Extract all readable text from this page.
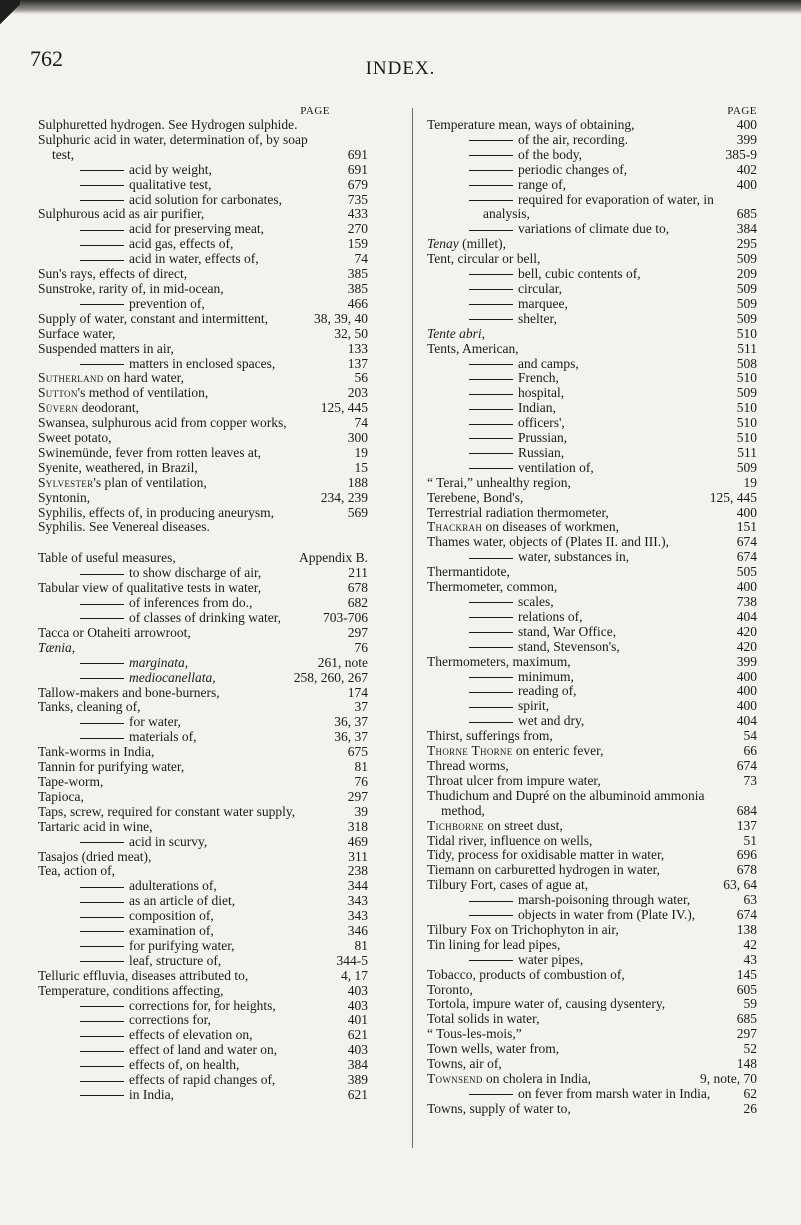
762	INDEX.
PAGE
Sulphuretted hydrogen. See Hydrogen sulphide.
Sulphuric acid in water, determination of, by soap test,	691
acid by weight,	691
qualitative test,	679
acid solution for carbonates,	735
Sulphurous acid as air purifier,	433
acid for preserving meat,	270
acid gas, effects of,	159
acid in water, effects of,	74
Sun's rays, effects of direct,	385
Sunstroke, rarity of, in mid-ocean,	385
prevention of,	466
Supply of water, constant and intermittent,	38, 39, 40
Surface water,	32, 50
Suspended matters in air,	133
matters in enclosed spaces,	137
Sutherland on hard water,	56
Sutton's method of ventilation,	203
Süvern deodorant,	125, 445
Swansea, sulphurous acid from copper works,	74
Sweet potato,	300
Swinemünde, fever from rotten leaves at,	19
Syenite, weathered, in Brazil,	15
Sylvester's plan of ventilation,	188
Syntonin,	234, 239
Syphilis, effects of, in producing aneurysm,	569
Syphilis. See Venereal diseases.
Table of useful measures,	Appendix B.
to show discharge of air,	211
Tabular view of qualitative tests in water,	678
of inferences from do.,	682
of classes of drinking water,	703-706
Tacca or Otaheiti arrowroot,	297
Tænia,	76
marginata,	261, note
mediocanellata,	258, 260, 267
Tallow-makers and bone-burners,	174
Tanks, cleaning of,	37
for water,	36, 37
materials of,	36, 37
Tank-worms in India,	675
Tannin for purifying water,	81
Tape-worm,	76
Tapioca,	297
Taps, screw, required for constant water supply,	39
Tartaric acid in wine,	318
acid in scurvy,	469
Tasajos (dried meat),	311
Tea, action of,	238
adulterations of,	344
as an article of diet,	343
composition of,	343
examination of,	346
for purifying water,	81
leaf, structure of,	344-5
Telluric effluvia, diseases attributed to,	4, 17
Temperature, conditions affecting,	403
corrections for, for heights,	403
corrections for,	401
effects of elevation on,	621
effect of land and water on,	403
effects of, on health,	384
effects of rapid changes of,	389
in India,	621
PAGE
Temperature mean, ways of obtaining,	400
of the air, recording.	399
of the body,	385-9
periodic changes of,	402
range of,	400
required for evaporation of water, in analysis,	685
variations of climate due to,	384
Tenay (millet),	295
Tent, circular or bell,	509
bell, cubic contents of,	209
circular,	509
marquee,	509
shelter,	509
Tente abri,	510
Tents, American,	511
and camps,	508
French,	510
hospital,	509
Indian,	510
officers',	510
Prussian,	510
Russian,	511
ventilation of,	509
“ Terai,” unhealthy region,	19
Terebene, Bond's,	125, 445
Terrestrial radiation thermometer,	400
Thackrah on diseases of workmen,	151
Thames water, objects of (Plates II. and III.),	674
water, substances in,	674
Thermantidote,	505
Thermometer, common,	400
scales,	738
relations of,	404
stand, War Office,	420
stand, Stevenson's,	420
Thermometers, maximum,	399
minimum,	400
reading of,	400
spirit,	400
wet and dry,	404
Thirst, sufferings from,	54
Thorne Thorne on enteric fever,	66
Thread worms,	674
Throat ulcer from impure water,	73
Thudichum and Dupré on the albuminoid ammonia method,	684
Tichborne on street dust,	137
Tidal river, influence on wells,	51
Tidy, process for oxidisable matter in water,	696
Tiemann on carburetted hydrogen in water,	678
Tilbury Fort, cases of ague at,	63, 64
marsh-poisoning through water,	63
objects in water from (Plate IV.),	674
Tilbury Fox on Trichophyton in air,	138
Tin lining for lead pipes,	42
water pipes,	43
Tobacco, products of combustion of,	145
Toronto,	605
Tortola, impure water of, causing dysentery,	59
Total solids in water,	685
“ Tous-les-mois,”	297
Town wells, water from,	52
Towns, air of,	148
Townsend on cholera in India,	9, note, 70
on fever from marsh water in India,	62
Towns, supply of water to,	26
